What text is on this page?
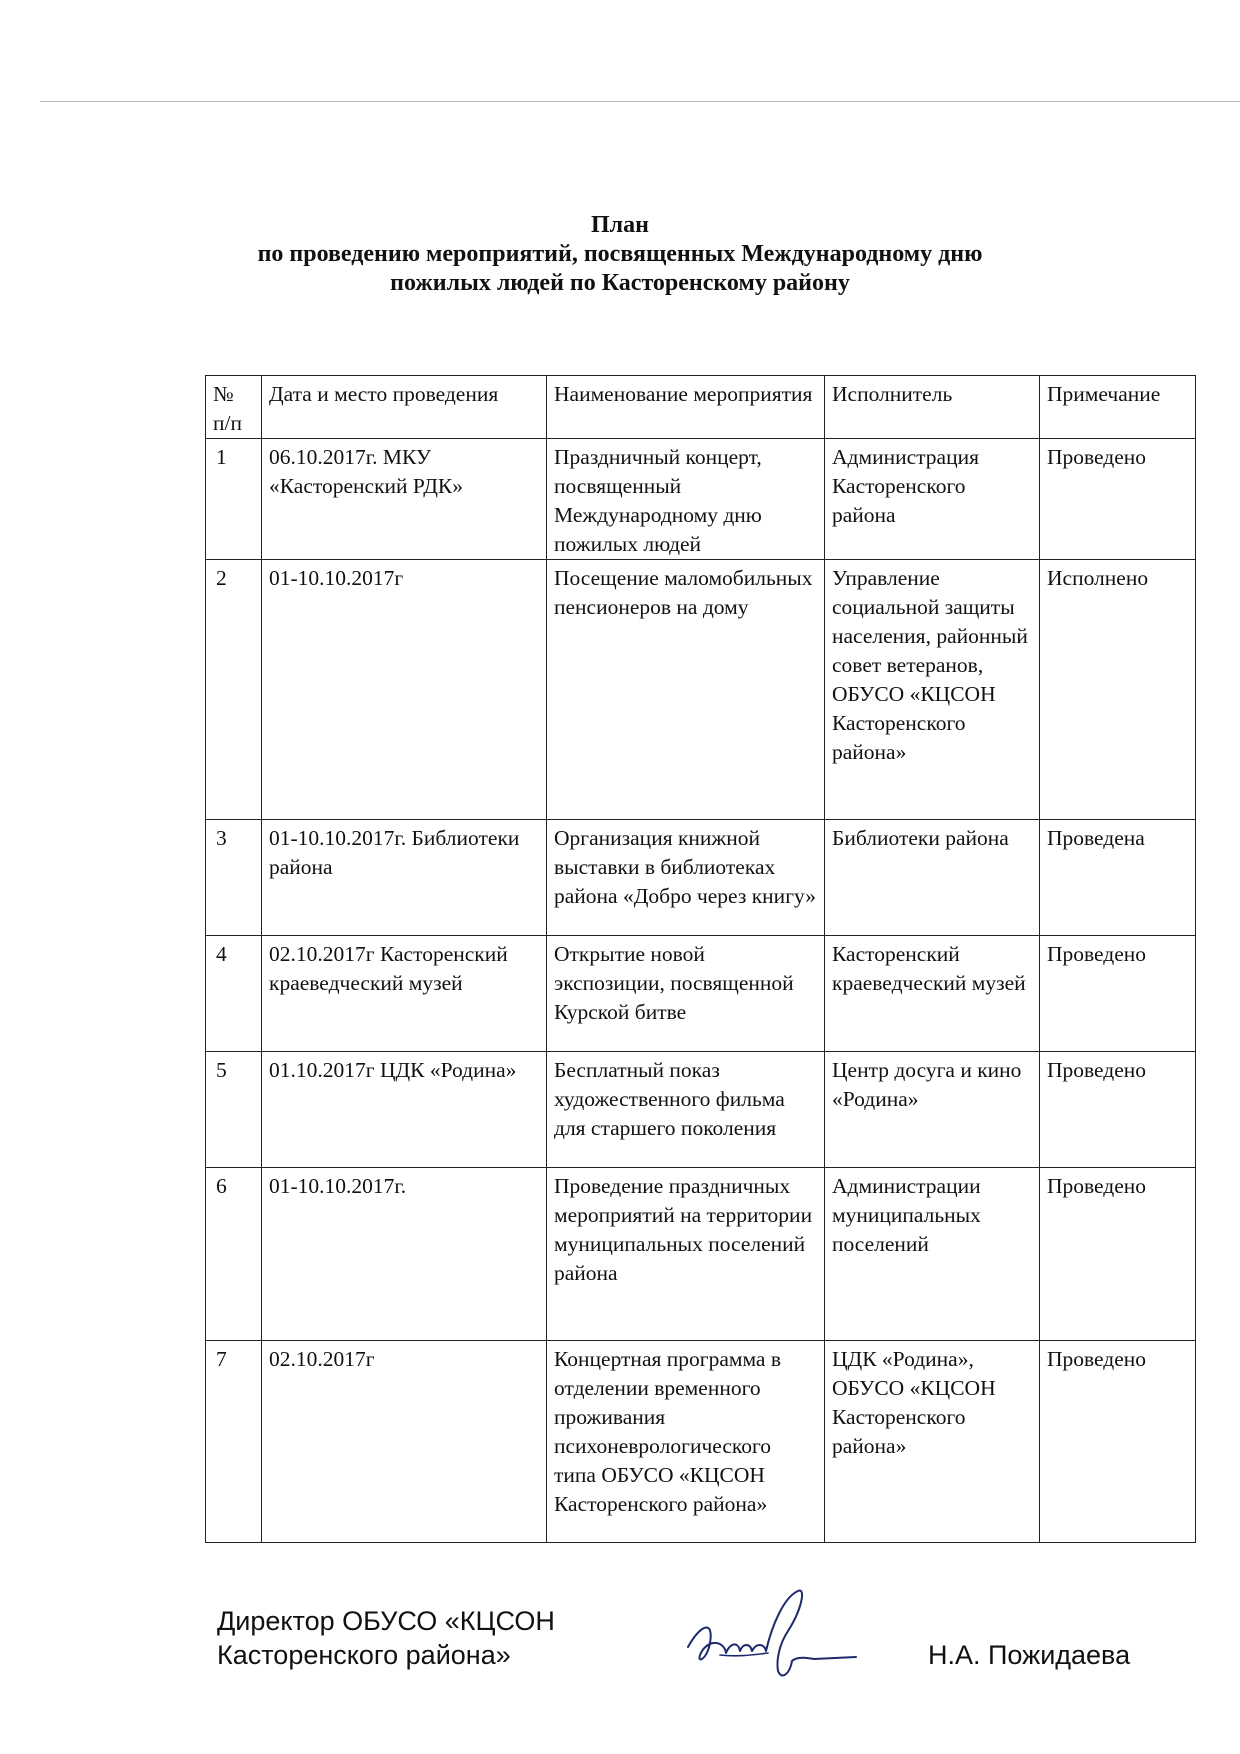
План
по проведению мероприятий, посвященных Международному дню
пожилых людей по Касторенскому району
№ п/п	Дата и место проведения	Наименование мероприятия	Исполнитель	Примечание
1	06.10.2017г. МКУ «Касторенский РДК»	Праздничный концерт, посвященный Международному дню пожилых людей	Администрация Касторенского района	Проведено
2	01-10.10.2017г	Посещение маломобильных пенсионеров на дому	Управление социальной защиты населения, районный совет ветеранов, ОБУСО «КЦСОН Касторенского района»	Исполнено
3	01-10.10.2017г. Библиотеки района	Организация книжной выставки в библиотеках района «Добро через книгу»	Библиотеки района	Проведена
4	02.10.2017г Касторенский краеведческий музей	Открытие новой экспозиции, посвященной Курской битве	Касторенский краеведческий музей	Проведено
5	01.10.2017г ЦДК «Родина»	Бесплатный показ художественного фильма для старшего поколения	Центр досуга и кино «Родина»	Проведено
6	01-10.10.2017г.	Проведение праздничных мероприятий на территории муниципальных поселений района	Администрации муниципальных поселений	Проведено
7	02.10.2017г	Концертная программа в отделении временного проживания психоневрологического типа ОБУСО «КЦСОН Касторенского района»	ЦДК «Родина», ОБУСО «КЦСОН Касторенского района»	Проведено
Директор ОБУСО «КЦСОН
Касторенского района»	Н.А. Пожидаева
